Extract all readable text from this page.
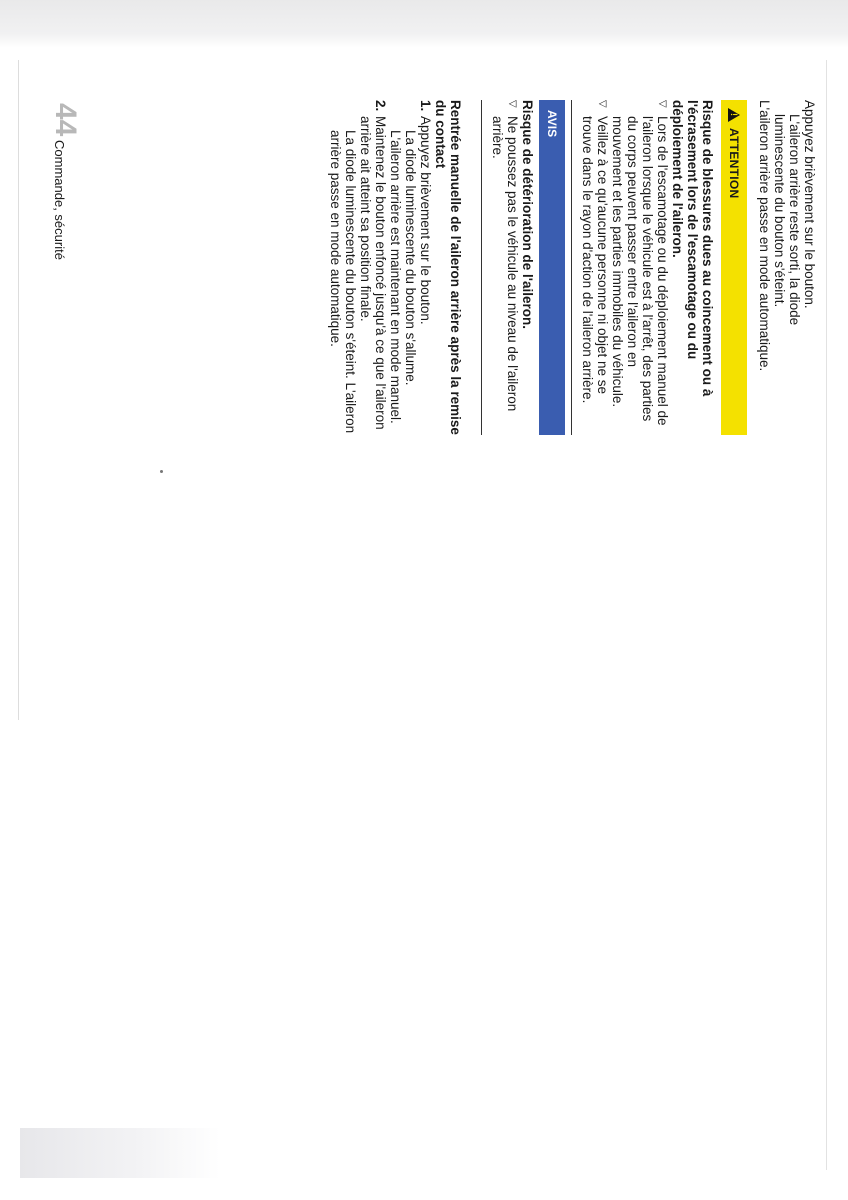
Appuyez brièvement sur le bouton.

L'aileron arrière reste sorti, la diode

luminescente du bouton s'éteint.

L'aileron arrière passe en mode automatique.

!
ATTENTION

Risque de blessures dues au coincement ou à l'écrasement lors de l'escamotage ou du déploiement de l'aileron.

▽ Lors de l'escamotage ou du déploiement manuel de l'aileron lorsque le véhicule est à l'arrêt, des parties du corps peuvent passer entre l'aileron en mouvement et les parties immobiles du véhicule.

▽ Veillez à ce qu'aucune personne ni objet ne se trouve dans le rayon d'action de l'aileron arrière.

AVIS

Risque de détérioration de l'aileron.

▽ Ne poussez pas le véhicule au niveau de l'aileron arrière.

Rentrée manuelle de l'aileron arrière après la remise du contact

1.

Appuyez brièvement sur le bouton.

La diode luminescente du bouton s'allume. L'aileron arrière est maintenant en mode manuel.

2.

Maintenez le bouton enfoncé jusqu'à ce que l'aileron arrière ait atteint sa position finale.

La diode luminescente du bouton s'éteint. L'aileron arrière passe en mode automatique.

44
Commande, sécurité
